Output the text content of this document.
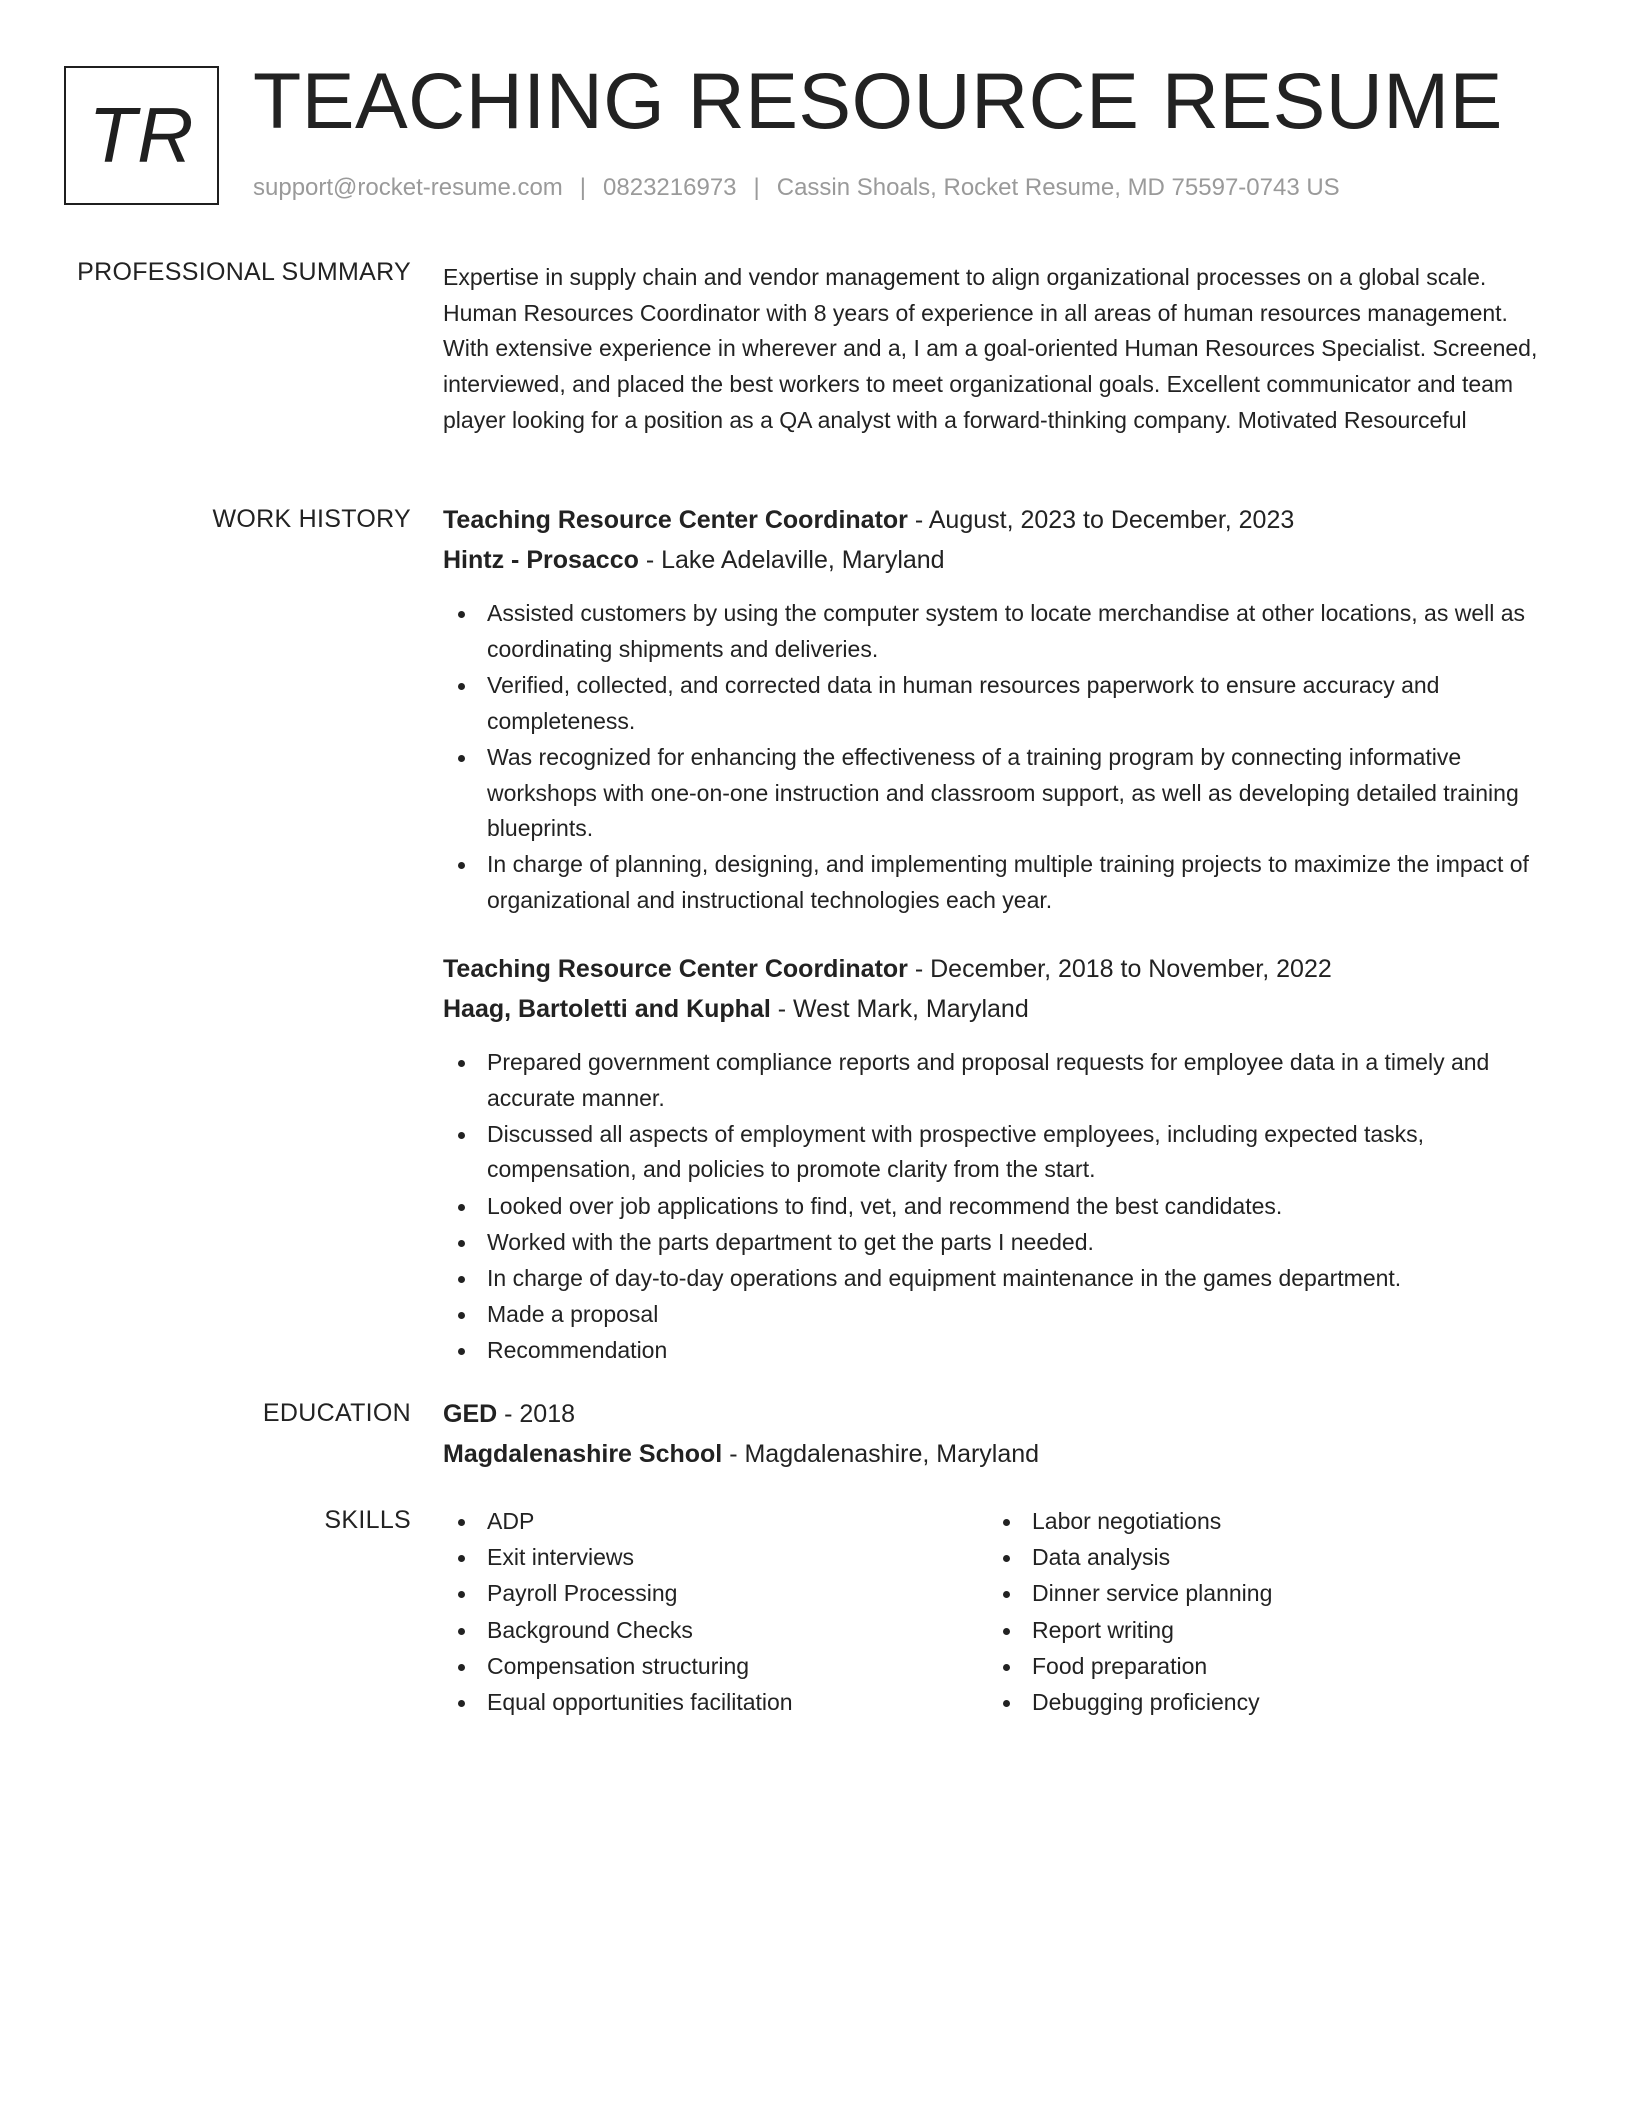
TR TEACHING RESOURCE RESUME
support@rocket-resume.com | 0823216973 | Cassin Shoals, Rocket Resume, MD 75597-0743 US
PROFESSIONAL SUMMARY Expertise in supply chain and vendor management to align organizational processes on a global scale. Human Resources Coordinator with 8 years of experience in all areas of human resources management. With extensive experience in wherever and a, I am a goal-oriented Human Resources Specialist. Screened, interviewed, and placed the best workers to meet organizational goals. Excellent communicator and team player looking for a position as a QA analyst with a forward-thinking company. Motivated Resourceful

WORK HISTORY Teaching Resource Center Coordinator - August, 2023 to December, 2023
Hintz - Prosacco - Lake Adelaville, Maryland
Assisted customers by using the computer system to locate merchandise at other locations, as well as coordinating shipments and deliveries.
Verified, collected, and corrected data in human resources paperwork to ensure accuracy and completeness.
Was recognized for enhancing the effectiveness of a training program by connecting informative workshops with one-on-one instruction and classroom support, as well as developing detailed training blueprints.
In charge of planning, designing, and implementing multiple training projects to maximize the impact of organizational and instructional technologies each year.
Teaching Resource Center Coordinator - December, 2018 to November, 2022
Haag, Bartoletti and Kuphal - West Mark, Maryland
Prepared government compliance reports and proposal requests for employee data in a timely and accurate manner.
Discussed all aspects of employment with prospective employees, including expected tasks, compensation, and policies to promote clarity from the start.
Looked over job applications to find, vet, and recommend the best candidates.
Worked with the parts department to get the parts I needed.
In charge of day-to-day operations and equipment maintenance in the games department.
Made a proposal
Recommendation
EDUCATION GED - 2018
Magdalenashire School - Magdalenashire, Maryland
SKILLS	ADP
Exit interviews
Payroll Processing
Background Checks
Compensation structuring
Equal opportunities facilitation
Labor negotiations
Data analysis
Dinner service planning
Report writing
Food preparation
Debugging proficiency
